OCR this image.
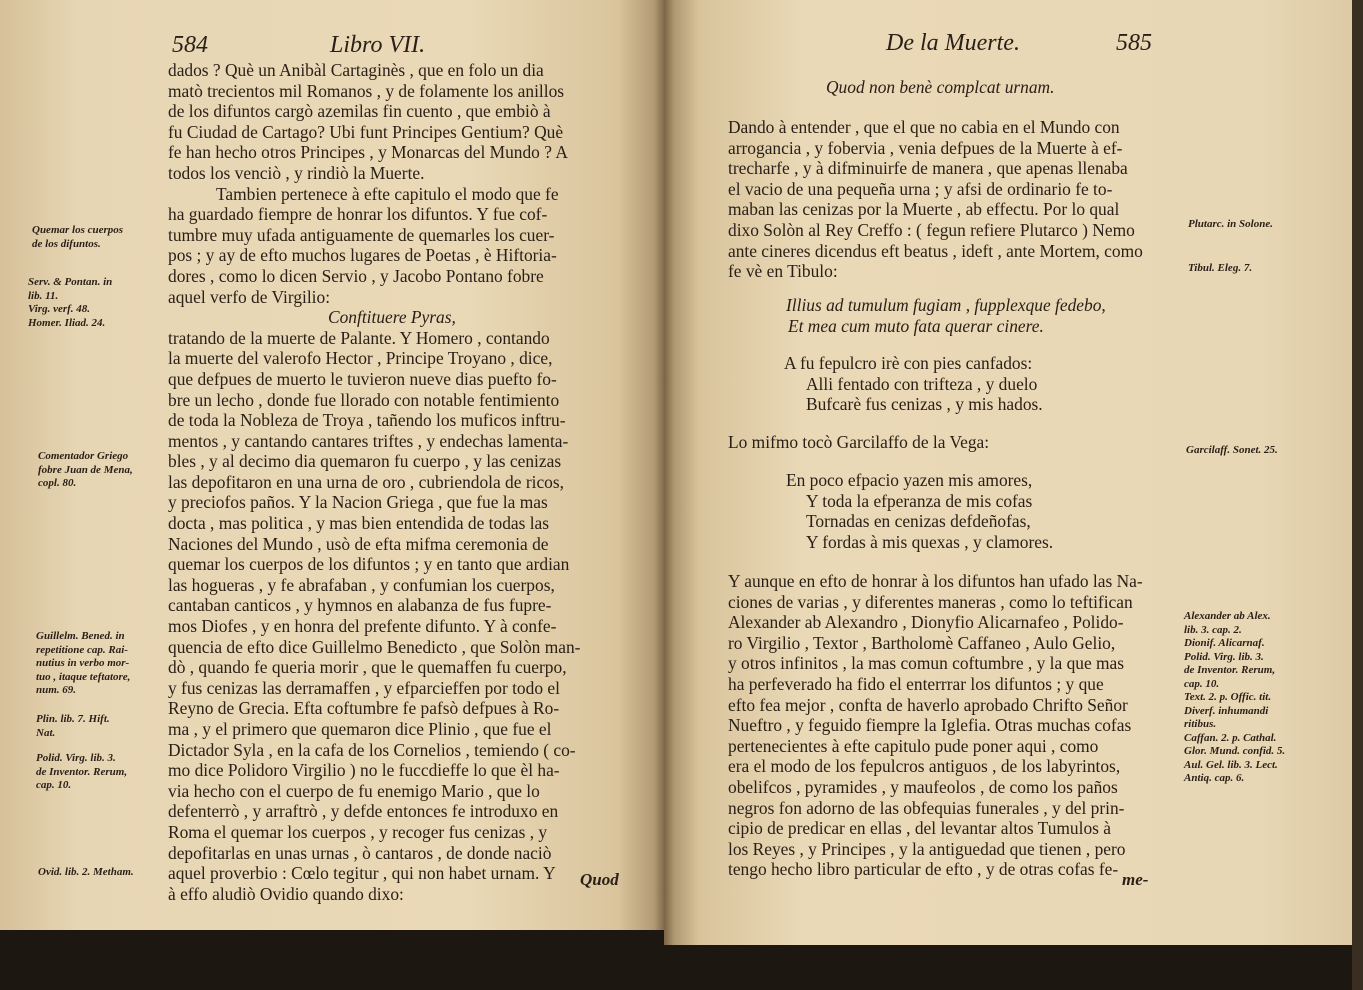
584	Libro VII.
dados ? Què un Anibàl Cartaginès , que en folo un dia
matò trecientos mil Romanos , y de folamente los anillos
de los difuntos cargò azemilas fin cuento , que embiò à
fu Ciudad de Cartago? Ubi funt Principes Gentium? Què
fe han hecho otros Principes , y Monarcas del Mundo ? A
todos los venciò , y rindiò la Muerte.
Tambien pertenece à efte capitulo el modo que fe
ha guardado fiempre de honrar los difuntos. Y fue cof-
tumbre muy ufada antiguamente de quemarles los cuer-
pos ; y ay de efto muchos lugares de Poetas , è Hiftoria-
dores , como lo dicen Servio , y Jacobo Pontano fobre
aquel verfo de Virgilio:
Conftituere Pyras,
tratando de la muerte de Palante. Y Homero , contando
la muerte del valerofo Hector , Principe Troyano , dice,
que defpues de muerto le tuvieron nueve dias puefto fo-
bre un lecho , donde fue llorado con notable fentimiento
de toda la Nobleza de Troya , tañendo los muficos inftru-
mentos , y cantando cantares triftes , y endechas lamenta-
bles , y al decimo dia quemaron fu cuerpo , y las cenizas
las depofitaron en una urna de oro , cubriendola de ricos,
y preciofos paños. Y la Nacion Griega , que fue la mas
docta , mas politica , y mas bien entendida de todas las
Naciones del Mundo , usò de efta mifma ceremonia de
quemar los cuerpos de los difuntos ; y en tanto que ardian
las hogueras , y fe abrafaban , y confumian los cuerpos,
cantaban canticos , y hymnos en alabanza de fus fupre-
mos Diofes , y en honra del prefente difunto. Y à confe-
quencia de efto dice Guillelmo Benedicto , que Solòn man-
dò , quando fe queria morir , que le quemaffen fu cuerpo,
y fus cenizas las derramaffen , y efparcieffen por todo el
Reyno de Grecia. Efta coftumbre fe pafsò defpues à Ro-
ma , y el primero que quemaron dice Plinio , que fue el
Dictador Syla , en la cafa de los Cornelios , temiendo ( co-
mo dice Polidoro Virgilio ) no le fuccdieffe lo que èl ha-
via hecho con el cuerpo de fu enemigo Mario , que lo
defenterrò , y arraftrò , y defde entonces fe introduxo en
Roma el quemar los cuerpos , y recoger fus cenizas , y
depofitarlas en unas urnas , ò cantaros , de donde naciò
aquel proverbio : Cœlo tegitur , qui non habet urnam. Y
à effo aludiò Ovidio quando dixo:
Quod
Quemar los cuerpos
de los difuntos.
Serv. & Pontan. in
lib. 11.
Virg. verf. 48.
Homer. Iliad. 24.
Comentador Griego
fobre Juan de Mena,
copl. 80.
Guillelm. Bened. in
repetitione cap. Rai-
nutius in verbo mor-
tuo , itaque teftatore,
num. 69.
Plin. lib. 7. Hift.
Nat.
Polid. Virg. lib. 3.
de Inventor. Rerum,
cap. 10.
Ovid. lib. 2. Metham.
De la Muerte.	585
Quod non benè complcat urnam.
Dando à entender , que el que no cabia en el Mundo con
arrogancia , y fobervia , venia defpues de la Muerte à ef-
trecharfe , y à difminuirfe de manera , que apenas llenaba
el vacio de una pequeña urna ; y afsi de ordinario fe to-
maban las cenizas por la Muerte , ab effectu. Por lo qual
dixo Solòn al Rey Creffo : ( fegun refiere Plutarco ) Nemo
ante cineres dicendus eft beatus , ideft , ante Mortem, como
fe vè en Tibulo:
Illius ad tumulum fugiam , fupplexque fedebo,
Et mea cum muto fata querar cinere.
A fu fepulcro irè con pies canfados:
Alli fentado con trifteza , y duelo
Bufcarè fus cenizas , y mis hados.
Lo mifmo tocò Garcilaffo de la Vega:
En poco efpacio yazen mis amores,
Y toda la efperanza de mis cofas
Tornadas en cenizas defdeñofas,
Y fordas à mis quexas , y clamores.
Y aunque en efto de honrar à los difuntos han ufado las Na-
ciones de varias , y diferentes maneras , como lo teftifican
Alexander ab Alexandro , Dionyfio Alicarnafeo , Polido-
ro Virgilio , Textor , Bartholomè Caffaneo , Aulo Gelio,
y otros infinitos , la mas comun coftumbre , y la que mas
ha perfeverado ha fido el enterrrar los difuntos ; y que
efto fea mejor , confta de haverlo aprobado Chrifto Señor
Nueftro , y feguido fiempre la Iglefia. Otras muchas cofas
pertenecientes à efte capitulo pude poner aqui , como
era el modo de los fepulcros antiguos , de los labyrintos,
obelifcos , pyramides , y maufeolos , de como los paños
negros fon adorno de las obfequias funerales , y del prin-
cipio de predicar en ellas , del levantar altos Tumulos à
los Reyes , y Principes , y la antiguedad que tienen , pero
tengo hecho libro particular de efto , y de otras cofas fe-
me-
Plutarc. in Solone.
Tibul. Eleg. 7.
Garcilaff. Sonet. 25.
Alexander ab Alex.
lib. 3. cap. 2.
Dionif. Alicarnaf.
Polid. Virg. lib. 3.
de Inventor. Rerum,
cap. 10.
Text. 2. p. Offic. tit.
Diverf. inhumandi
ritibus.
Caffan. 2. p. Cathal.
Glor. Mund. confid. 5.
Aul. Gel. lib. 3. Lect.
Antiq. cap. 6.
